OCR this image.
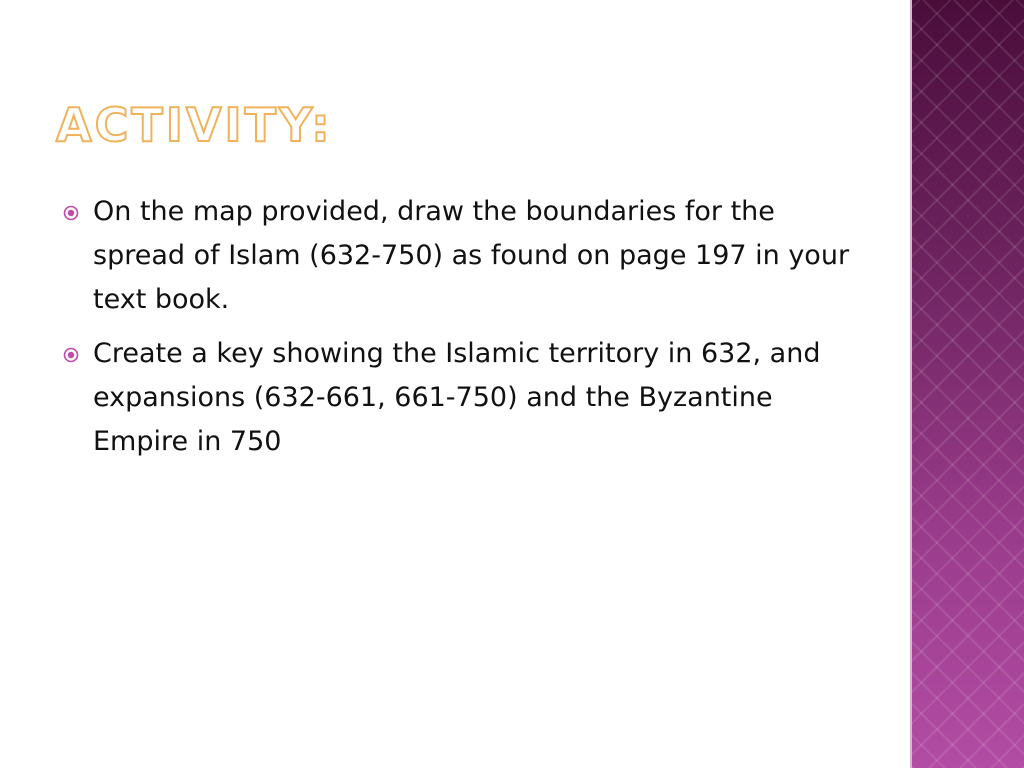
ACTIVITY:
On the map provided, draw the boundaries for the spread of Islam (632-750) as found on page 197 in your text book.
Create a key showing the Islamic territory in 632, and expansions (632-661, 661-750) and the Byzantine Empire in 750
